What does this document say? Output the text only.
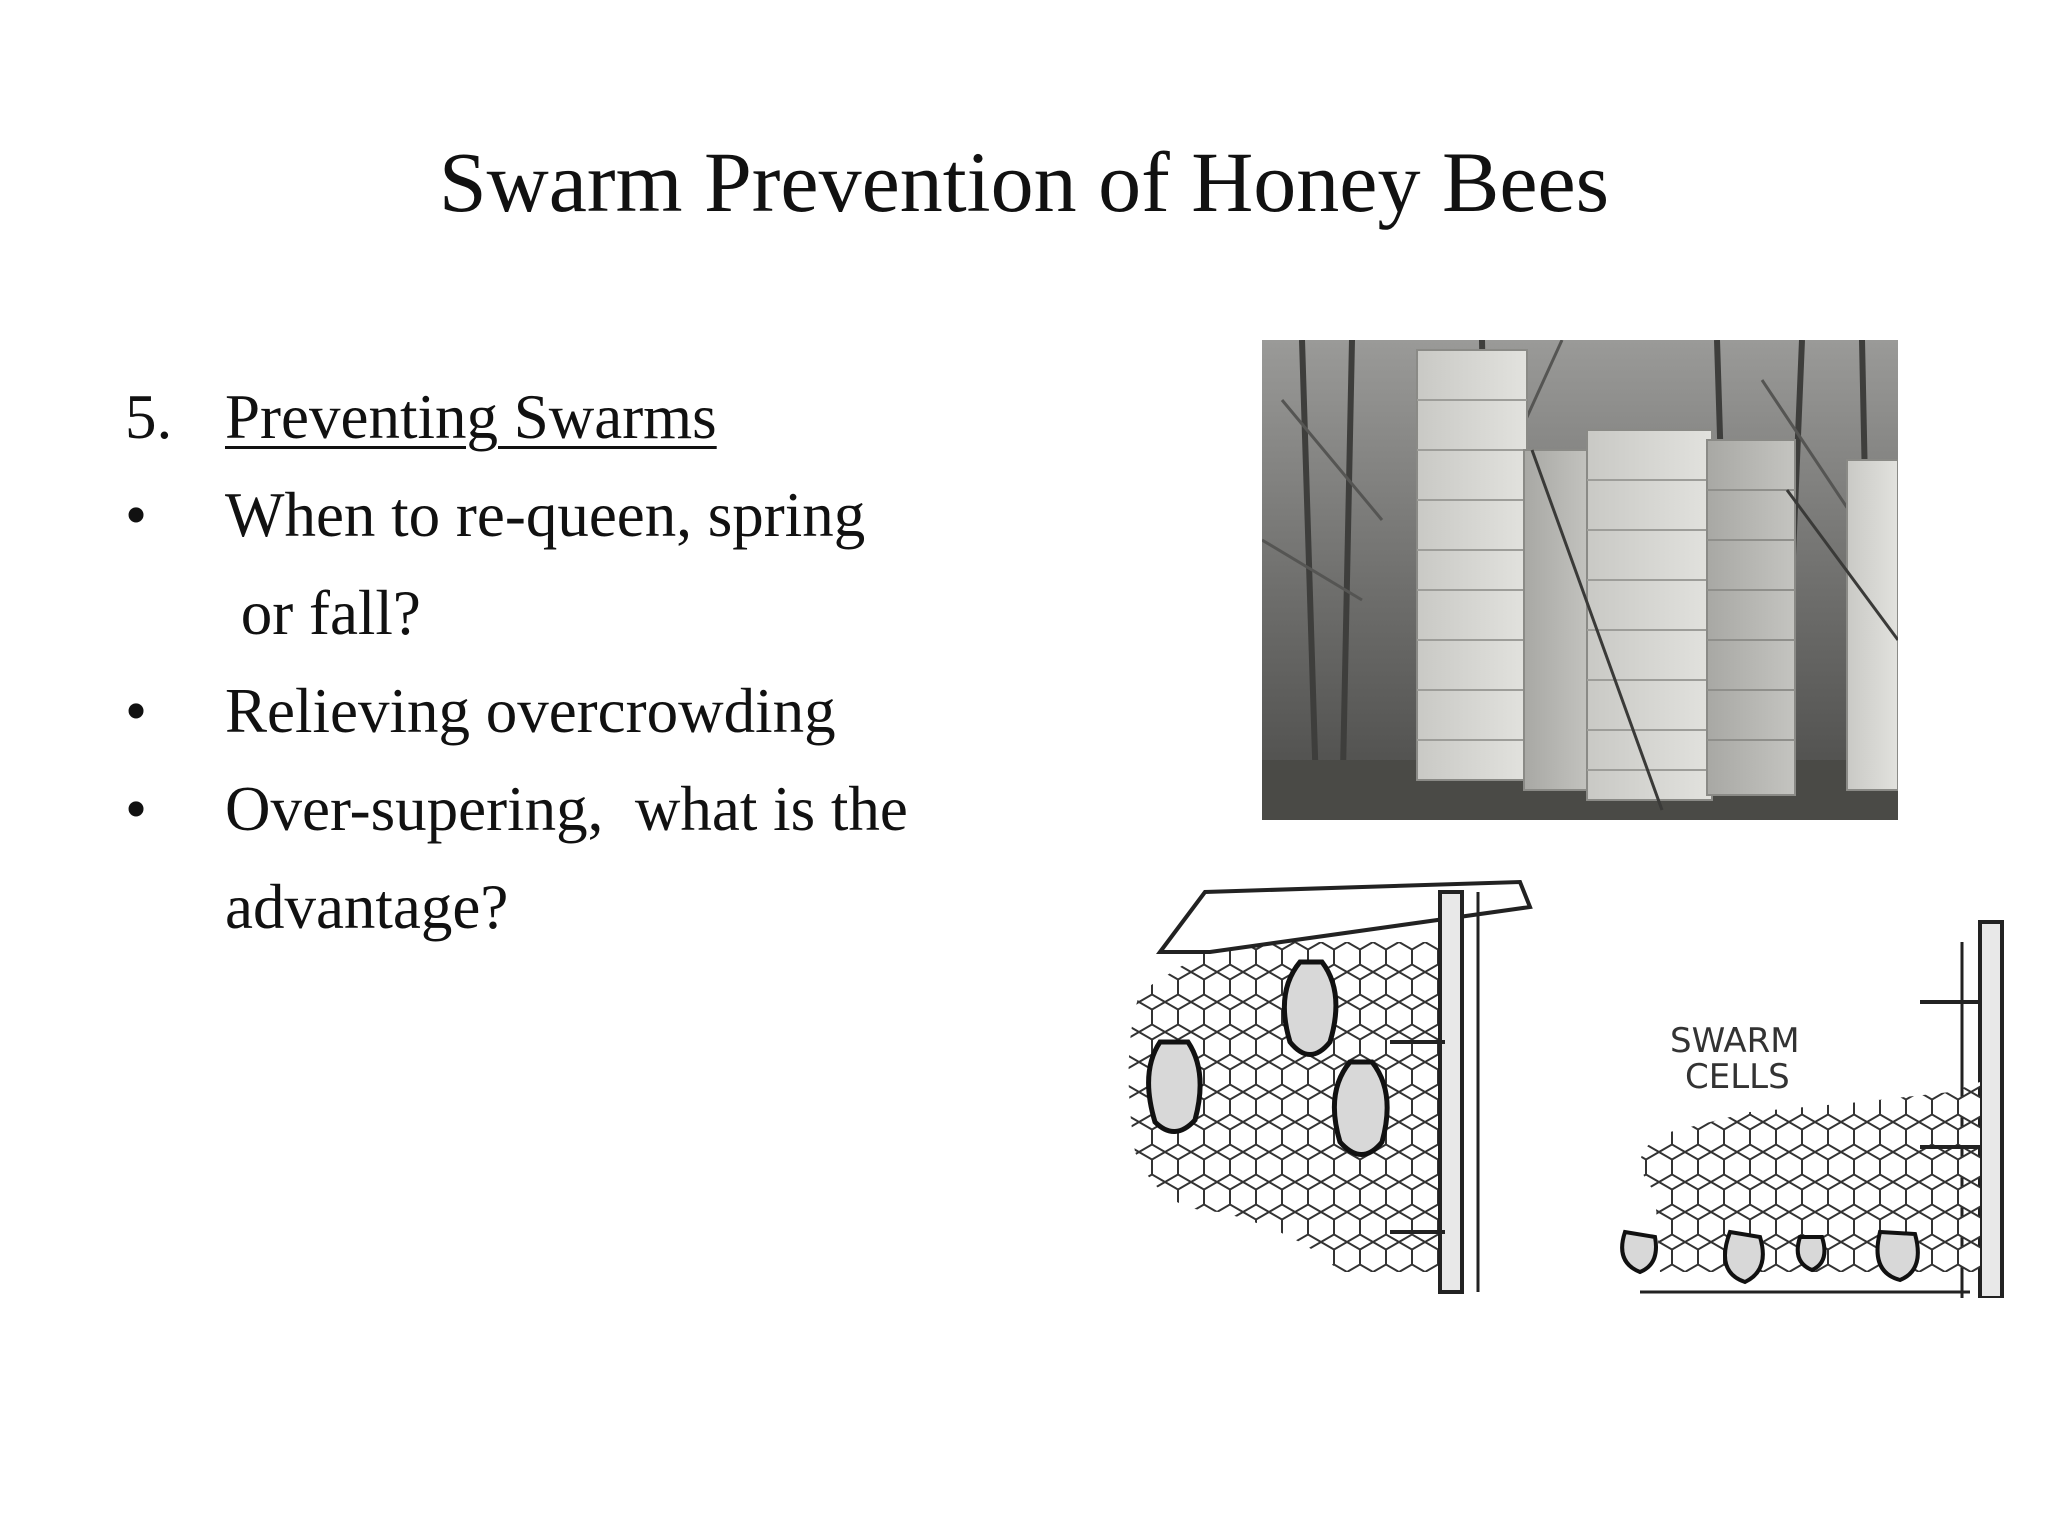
Swarm Prevention of Honey Bees
5. Preventing Swarms
• When to re-queen, spring
or fall?
• Relieving overcrowding
• Over-supering,  what is the
advantage?
SWARM
CELLS
